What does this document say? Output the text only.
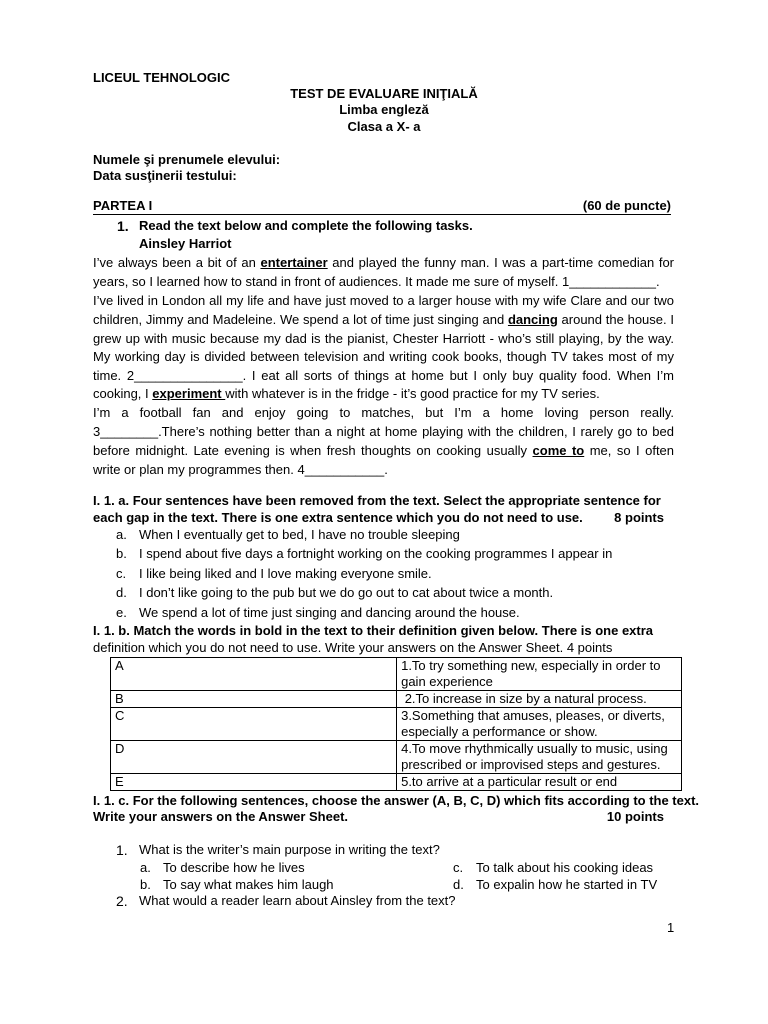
LICEUL TEHNOLOGIC
TEST DE EVALUARE INIŢIALĂ
Limba engleză
Clasa a X- a
Numele şi prenumele elevului:
Data susţinerii testului:
PARTEA I	(60 de puncte)
1. Read the text below and complete the following tasks.
Ainsley Harriot
I’ve always been a bit of an entertainer and played the funny man. I was a part-time comedian for
years, so I learned how to stand in front of audiences. It made me sure of myself. 1____________.
I’ve lived in London all my life and have just moved to a larger house with my wife Clare and our two
children, Jimmy and Madeleine. We spend a lot of time just singing and dancing around the house. I
grew up with music because my dad is the pianist, Chester Harriott - who’s still playing, by the way.
My working day is divided between television and writing cook books, though TV takes most of my
time. 2_______________. I eat all sorts of things at home but I only buy quality food. When I’m
cooking, I experiment with whatever is in the fridge - it’s good practice for my TV series.
I’m a football fan and enjoy going to matches, but I’m a home loving person really.
3________.There’s nothing better than a night at home playing with the children, I rarely go to bed
before midnight. Late evening is when fresh thoughts on cooking usually come to me, so I often
write or plan my programmes then. 4___________.
I. 1. a. Four sentences have been removed from the text. Select the appropriate sentence for
each gap in the text. There is one extra sentence which you do not need to use. 8 points
a. When I eventually get to bed, I have no trouble sleeping
b. I spend about five days a fortnight working on the cooking programmes I appear in
c. I like being liked and I love making everyone smile.
d. I don’t like going to the pub but we do go out to cat about twice a month.
e. We spend a lot of time just singing and dancing around the house.
I. 1. b. Match the words in bold in the text to their definition given below. There is one extra
definition which you do not need to use. Write your answers on the Answer Sheet. 4 points
A	1.To try something new, especially in order to gain experience
B	2.To increase in size by a natural process.
C	3.Something that amuses, pleases, or diverts, especially a performance or show.
D	4.To move rhythmically usually to music, using prescribed or improvised steps and gestures.
E	5.to arrive at a particular result or end
I. 1. c. For the following sentences, choose the answer (A, B, C, D) which fits according to the text.
Write your answers on the Answer Sheet.	10 points
1. What is the writer’s main purpose in writing the text?
a. To describe how he lives	c. To talk about his cooking ideas
b. To say what makes him laugh	d. To expalin how he started in TV
2. What would a reader learn about Ainsley from the text?
1
